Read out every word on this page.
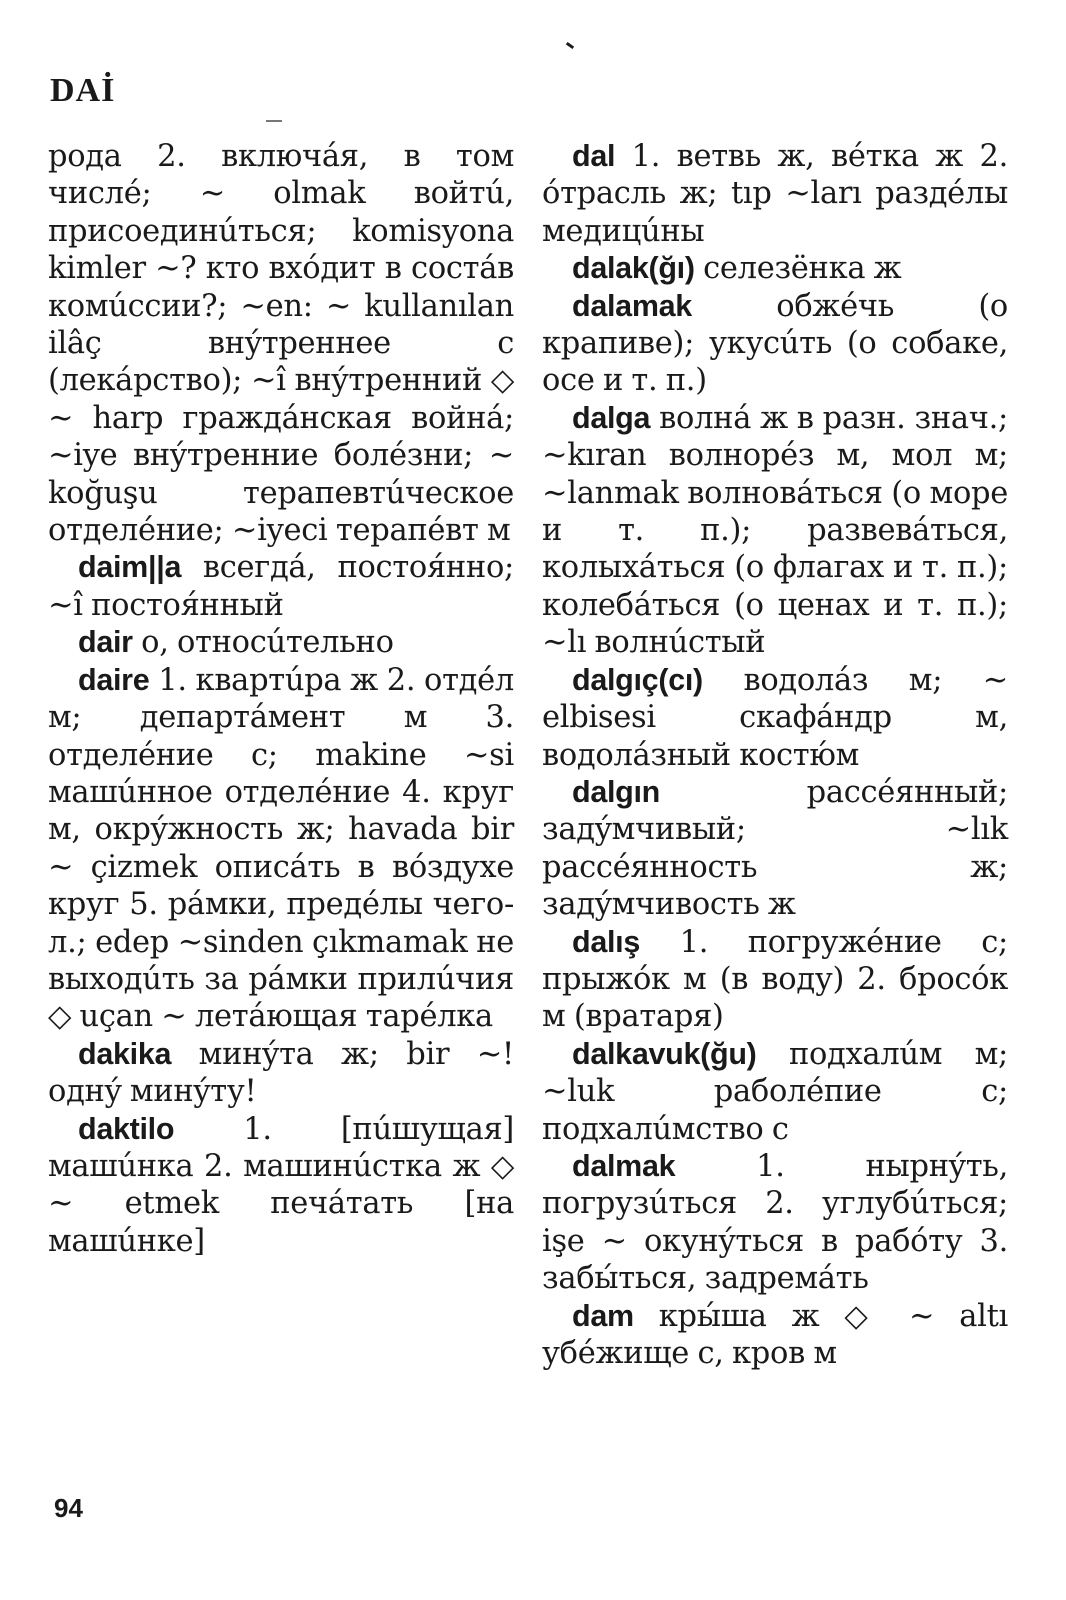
DAİ

рода 2. включáя, в том числé; ~ olmak войтú, присоединúться; komisyona kimler ~? кто вхóдит в состáв комúссии?; ~en: ~ kullanılan ilâç внýтреннее с (лекáрство); ~î внýтренний ◇ ~ harp граждáнская войнá; ~iye внýтренние болéзни; ~ koğuşu терапевтúческое отделéние; ~iyeci терапéвт м

daim||a всегдá, постоя́нно; ~î постоя́нный

dair о, относúтельно

daire 1. квартúра ж 2. отдéл м; департáмент м 3. отделéние с; makine ~si машúнное отделéние 4. круг м, окрýжность ж; havada bir ~ çizmek описáть в вóздухе круг 5. рáмки, предéлы чего-л.; edep ~sinden çıkmamak не выходúть за рáмки прилúчия ◇ uçan ~ летáющая тарéлка

dakika минýта ж; bir ~! однý минýту!

daktilo 1. [пúшущая] машúнка 2. машинúстка ж ◇ ~ etmek печáтать [на машúнке]

dal 1. ветвь ж, вéтка ж 2. óтрасль ж; tıp ~ları раздéлы медицúны

dalak(ğı) селезёнка ж

dalamak обжéчь (о крапиве); укусúть (о собаке, осе и т. п.)

dalga волнá ж в разн. знач.; ~kıran волнорéз м, мол м; ~lanmak волновáться (о море и т. п.); развевáться, колыхáться (о флагах и т. п.); колебáться (о ценах и т. п.); ~lı волнúстый

dalgıç(cı) водолáз м; ~ elbisesi скафáндр м, водолáзный костю́м

dalgın рассéянный; задýмчивый; ~lık рассéянность ж; задýмчивость ж

dalış 1. погружéние с; прыжóк м (в воду) 2. бросóк м (вратаря)

dalkavuk(ğu) подхалúм м; ~luk раболéпие с; подхалúмство с

dalmak 1. нырнýть, погрузúться 2. углубúться; işe ~ окунýться в рабóту 3. забы́ться, задремáть

dam кры́ша ж ◇ ~ altı убéжище с, кров м

94
